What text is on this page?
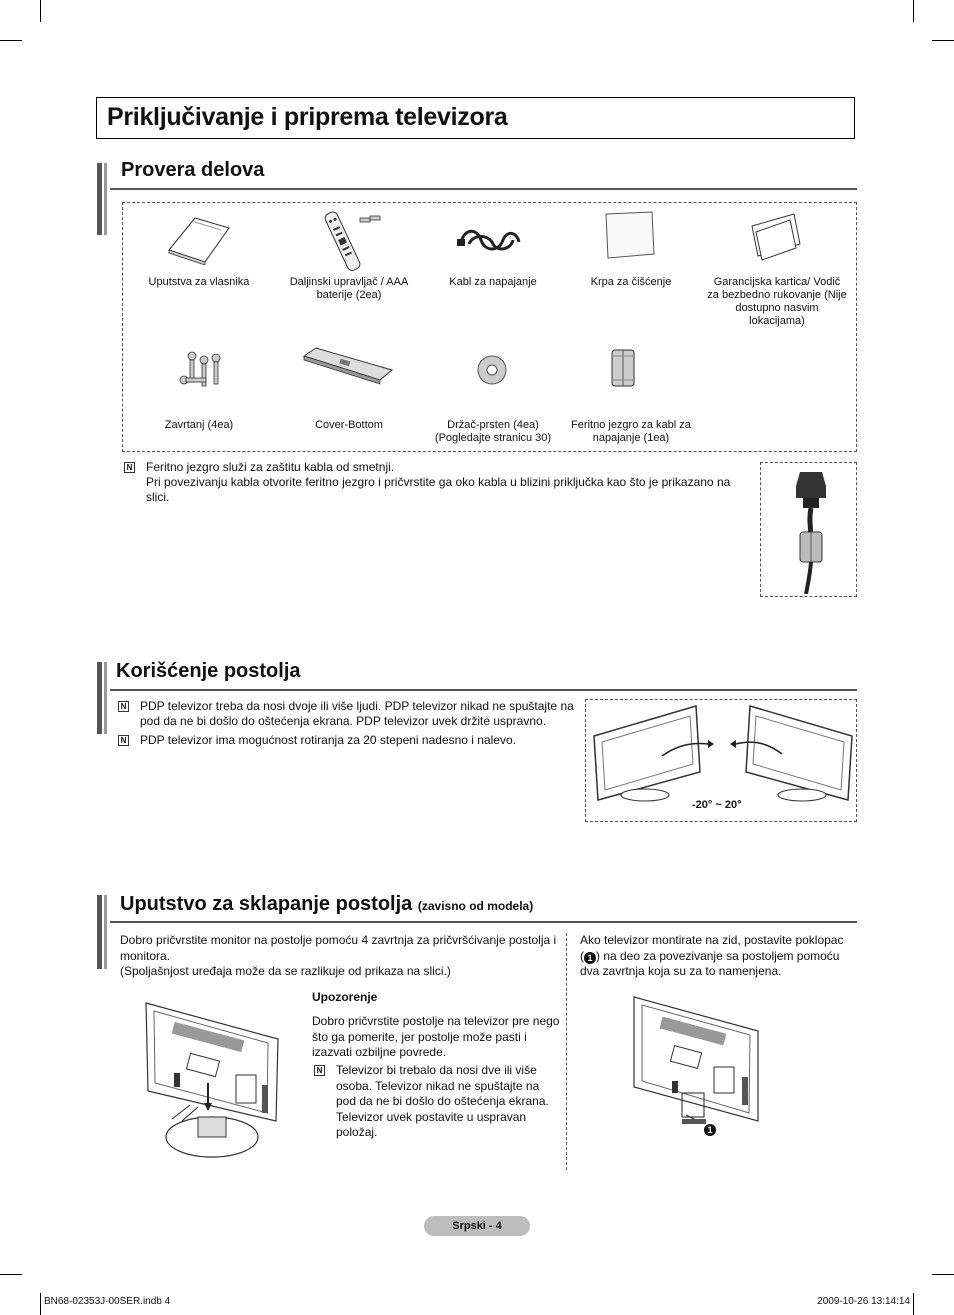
Priključivanje i priprema televizora
Provera delova
Uputstva za vlasnika	Daljinski upravljač / AAA baterije (2ea)
Kabl za napajanje	Krpa za čišćenje	Garancijska kartica/ Vodič za bezbedno rukovanje (Nije dostupno nasvim lokacijama)
Zavrtanj (4ea)	Cover-Bottom	Držač-prsten (4ea) (Pogledajte stranicu 30)
Feritno jezgro za kabl za napajanje (1ea)
N Feritno jezgro služi za zaštitu kabla od smetnji.
Pri povezivanju kabla otvorite feritno jezgro i pričvrstite ga oko kabla u blizini priključka kao što je prikazano na slici.
Korišćenje postolja
N PDP televizor treba da nosi dvoje ili više ljudi. PDP televizor nikad ne spuštajte na pod da ne bi došlo do oštećenja ekrana. PDP televizor uvek držite uspravno.
N PDP televizor ima mogućnost rotiranja za 20 stepeni nadesno i nalevo.
-20° ~ 20°
Uputstvo za sklapanje postolja (zavisno od modela)
Dobro pričvrstite monitor na postolje pomoću 4 zavrtnja za pričvršćivanje postolja i monitora.
(Spoljašnjost uređaja može da se razlikuje od prikaza na slici.)
Upozorenje
Dobro pričvrstite postolje na televizor pre nego što ga pomerite, jer postolje može pasti i izazvati ozbiljne povrede.
N Televizor bi trebalo da nosi dve ili više osoba. Televizor nikad ne spuštajte na pod da ne bi došlo do oštećenja ekrana. Televizor uvek postavite u uspravan položaj.
Ako televizor montirate na zid, postavite poklopac ( 1 ) na deo za povezivanje sa postoljem pomoću dva zavrtnja koja su za to namenjena.
1
Srpski - 4
BN68-02353J-00SER.indb 4	2009-10-26 13:14:14
